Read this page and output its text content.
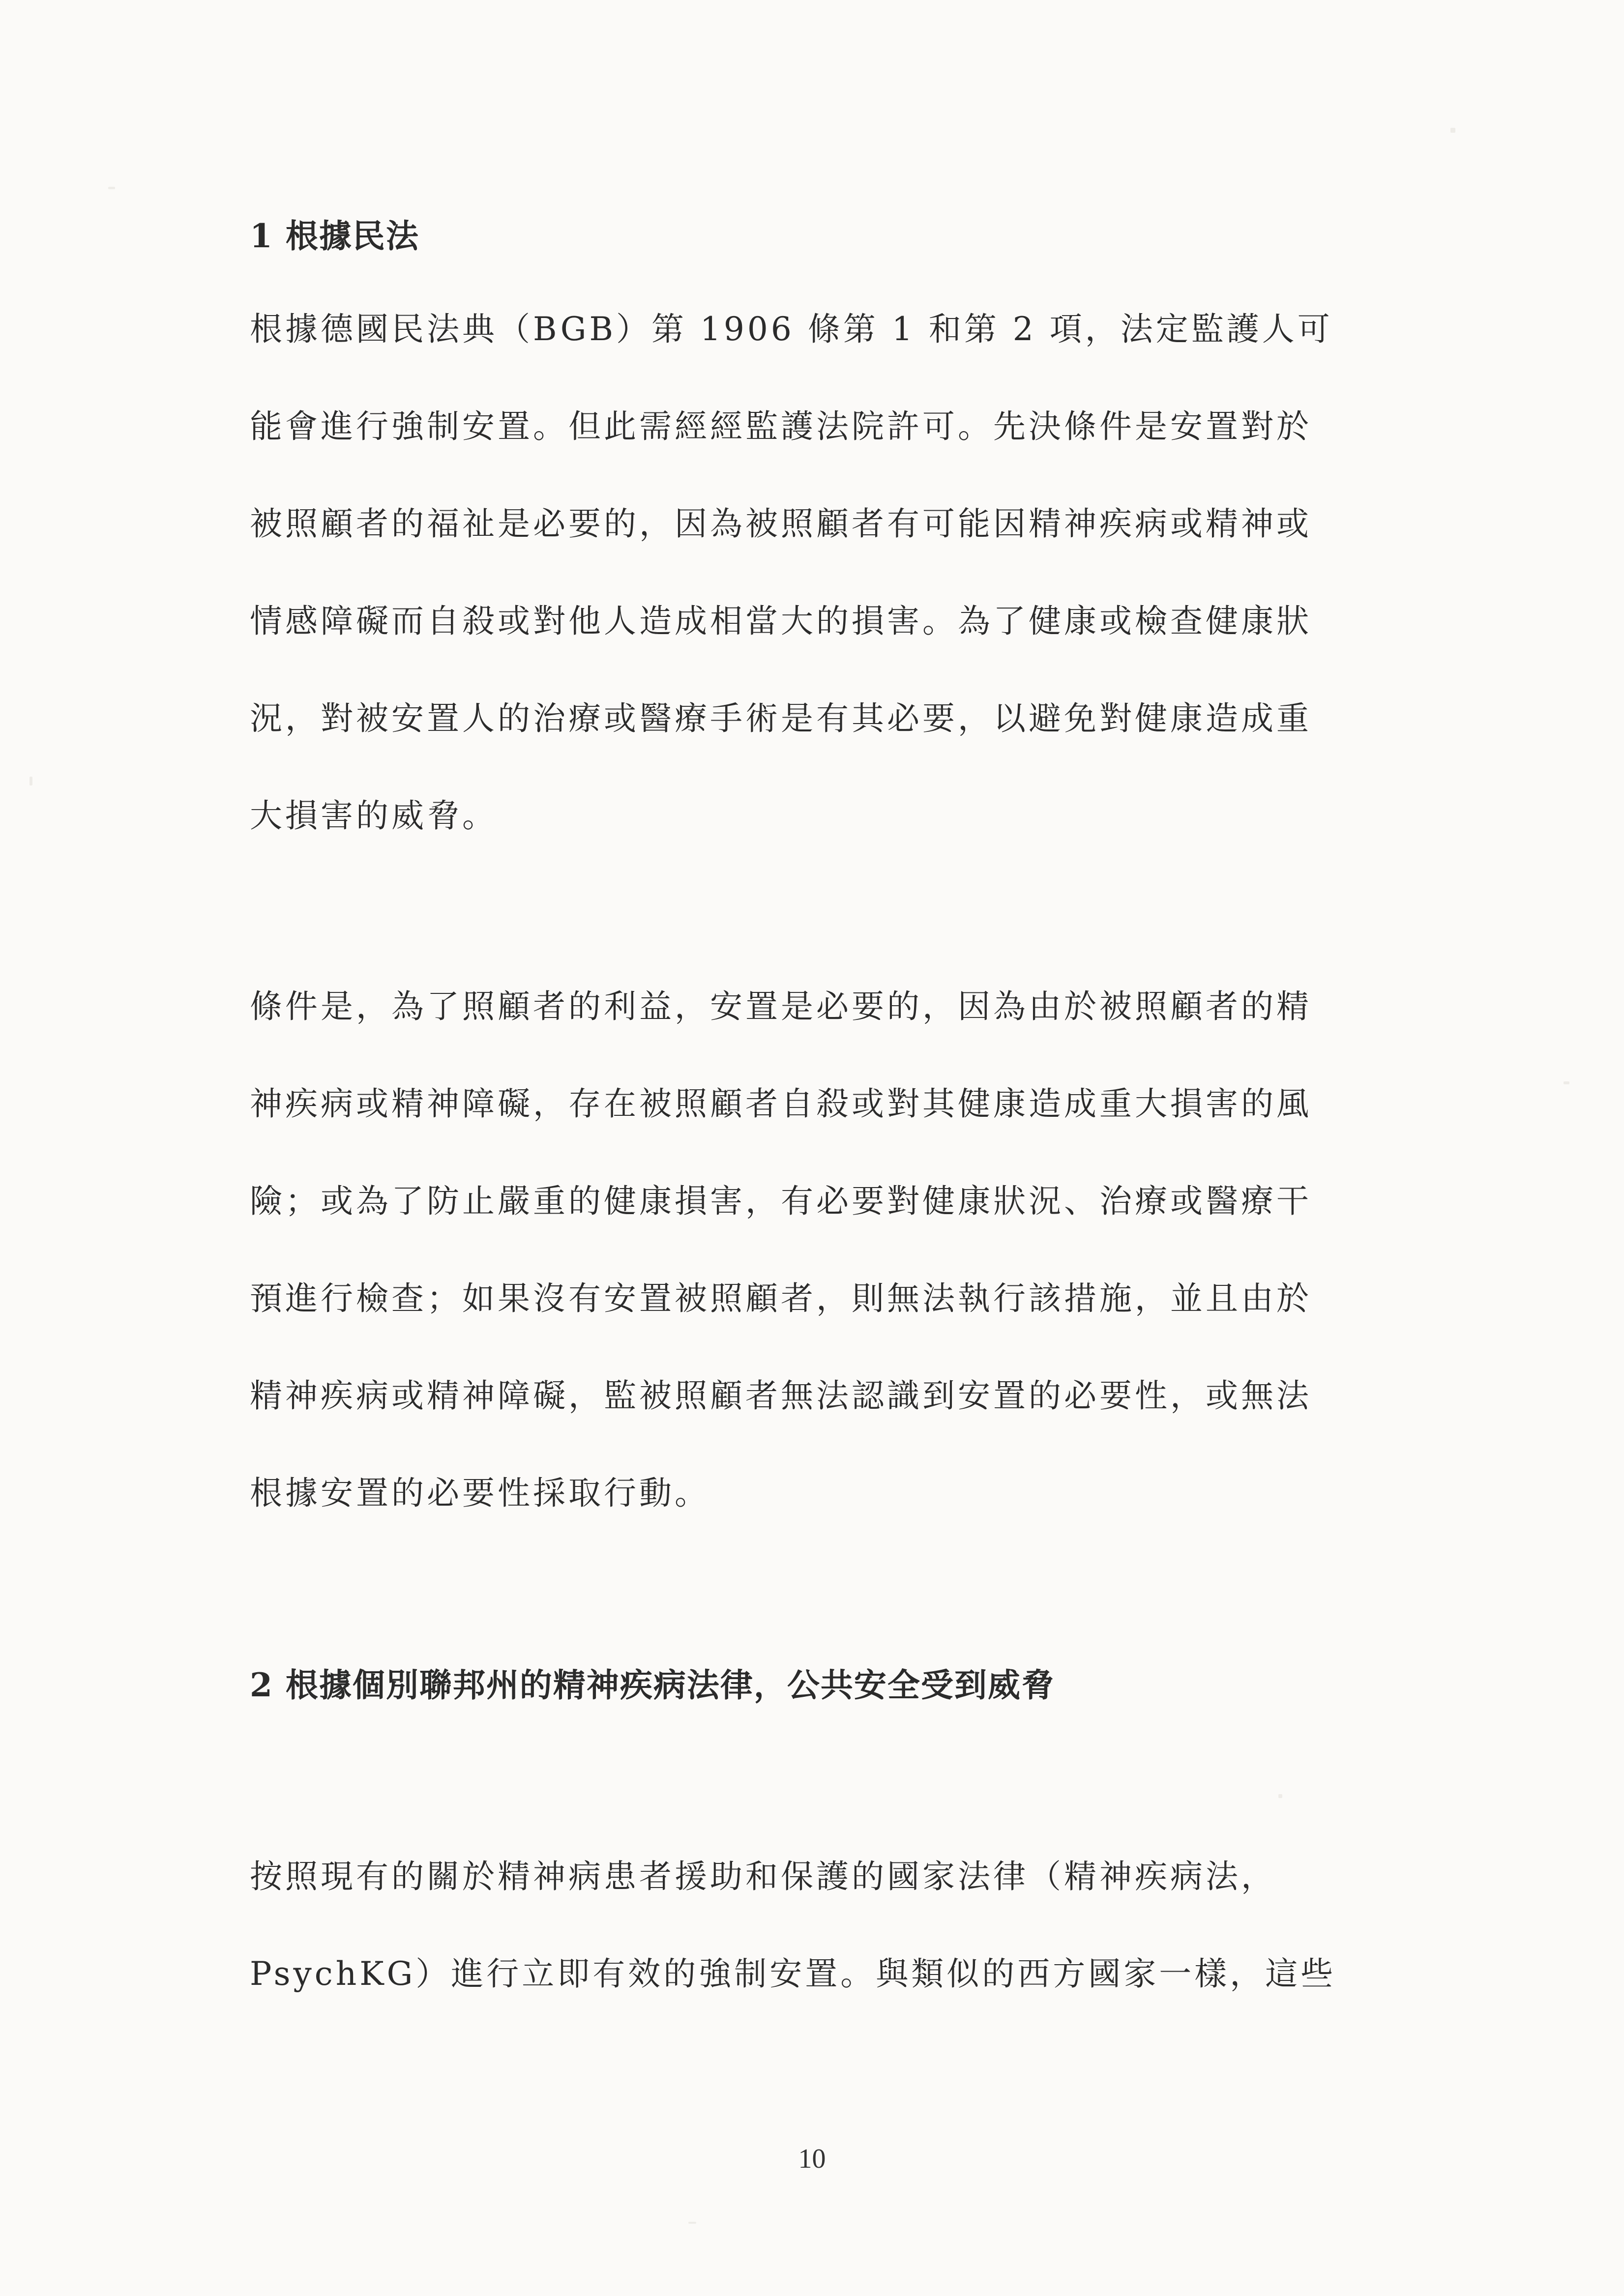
1 根據民法
根據德國民法典（BGB）第 1906 條第 1 和第 2 項，法定監護人可
能會進行強制安置。但此需經經監護法院許可。先決條件是安置對於
被照顧者的福祉是必要的，因為被照顧者有可能因精神疾病或精神或
情感障礙而自殺或對他人造成相當大的損害。為了健康或檢查健康狀
況，對被安置人的治療或醫療手術是有其必要，以避免對健康造成重
大損害的威脅。
條件是，為了照顧者的利益，安置是必要的，因為由於被照顧者的精
神疾病或精神障礙，存在被照顧者自殺或對其健康造成重大損害的風
險；或為了防止嚴重的健康損害，有必要對健康狀況、治療或醫療干
預進行檢查；如果沒有安置被照顧者，則無法執行該措施，並且由於
精神疾病或精神障礙，監被照顧者無法認識到安置的必要性，或無法
根據安置的必要性採取行動。
2 根據個別聯邦州的精神疾病法律，公共安全受到威脅
按照現有的關於精神病患者援助和保護的國家法律（精神疾病法，
PsychKG）進行立即有效的強制安置。與類似的西方國家一樣，這些
10
